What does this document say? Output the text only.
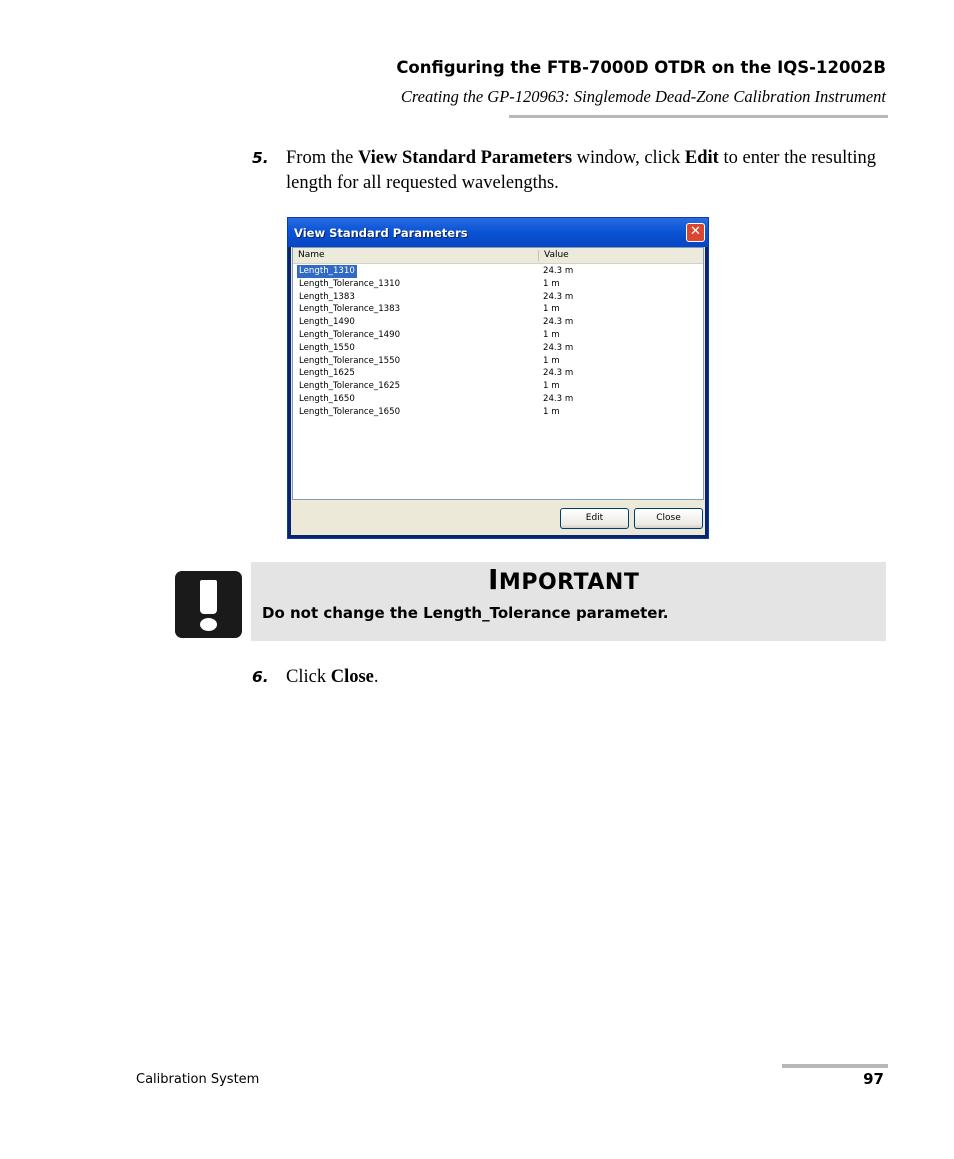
Configuring the FTB-7000D OTDR on the IQS-12002B
Creating the GP-120963: Singlemode Dead-Zone Calibration Instrument
5. From the View Standard Parameters window, click Edit to enter the resulting length for all requested wavelengths.
View Standard Parameters	✕
Name	Value
Length_1310	24.3 m
Length_Tolerance_1310	1 m
Length_1383	24.3 m
Length_Tolerance_1383	1 m
Length_1490	24.3 m
Length_Tolerance_1490	1 m
Length_1550	24.3 m
Length_Tolerance_1550	1 m
Length_1625	24.3 m
Length_Tolerance_1625	1 m
Length_1650	24.3 m
Length_Tolerance_1650	1 m
Edit	Close
IMPORTANT
Do not change the Length_Tolerance parameter.
6. Click Close.
Calibration System	97
